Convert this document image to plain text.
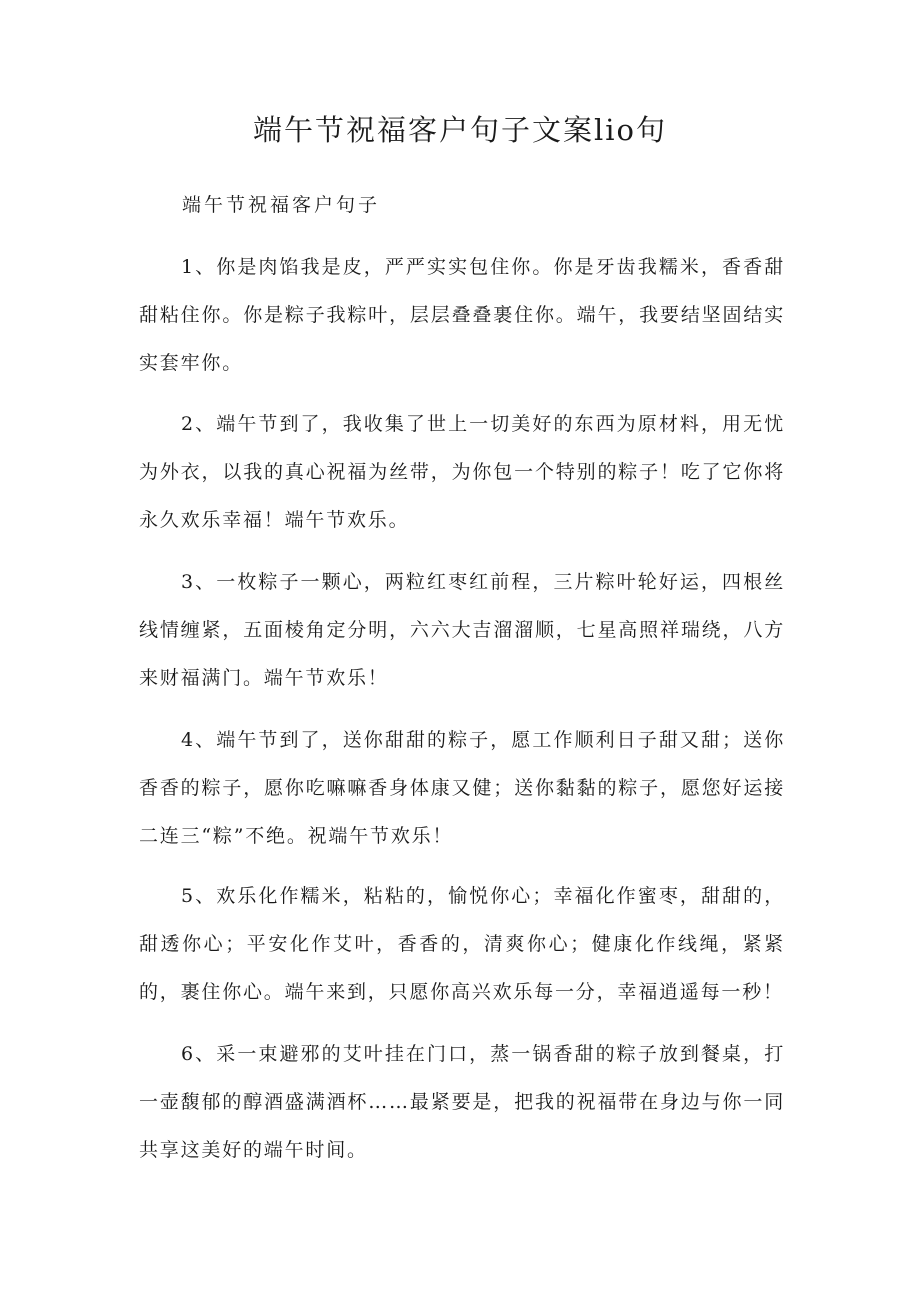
端午节祝福客户句子文案lio句

端午节祝福客户句子

1、你是肉馅我是皮，严严实实包住你。你是牙齿我糯米，香香甜甜粘住你。你是粽子我粽叶，层层叠叠裹住你。端午，我要结坚固结实实套牢你。

2、端午节到了，我收集了世上一切美好的东西为原材料，用无忧为外衣，以我的真心祝福为丝带，为你包一个特别的粽子！吃了它你将永久欢乐幸福！端午节欢乐。

3、一枚粽子一颗心，两粒红枣红前程，三片粽叶轮好运，四根丝线情缠紧，五面棱角定分明，六六大吉溜溜顺，七星高照祥瑞绕，八方来财福满门。端午节欢乐！

4、端午节到了，送你甜甜的粽子，愿工作顺利日子甜又甜；送你香香的粽子，愿你吃嘛嘛香身体康又健；送你黏黏的粽子，愿您好运接二连三“粽”不绝。祝端午节欢乐！

5、欢乐化作糯米，粘粘的，愉悦你心；幸福化作蜜枣，甜甜的，甜透你心；平安化作艾叶，香香的，清爽你心；健康化作线绳，紧紧的，裹住你心。端午来到，只愿你高兴欢乐每一分，幸福逍遥每一秒！

6、采一束避邪的艾叶挂在门口，蒸一锅香甜的粽子放到餐桌，打一壶馥郁的醇酒盛满酒杯……最紧要是，把我的祝福带在身边与你一同共享这美好的端午时间。
